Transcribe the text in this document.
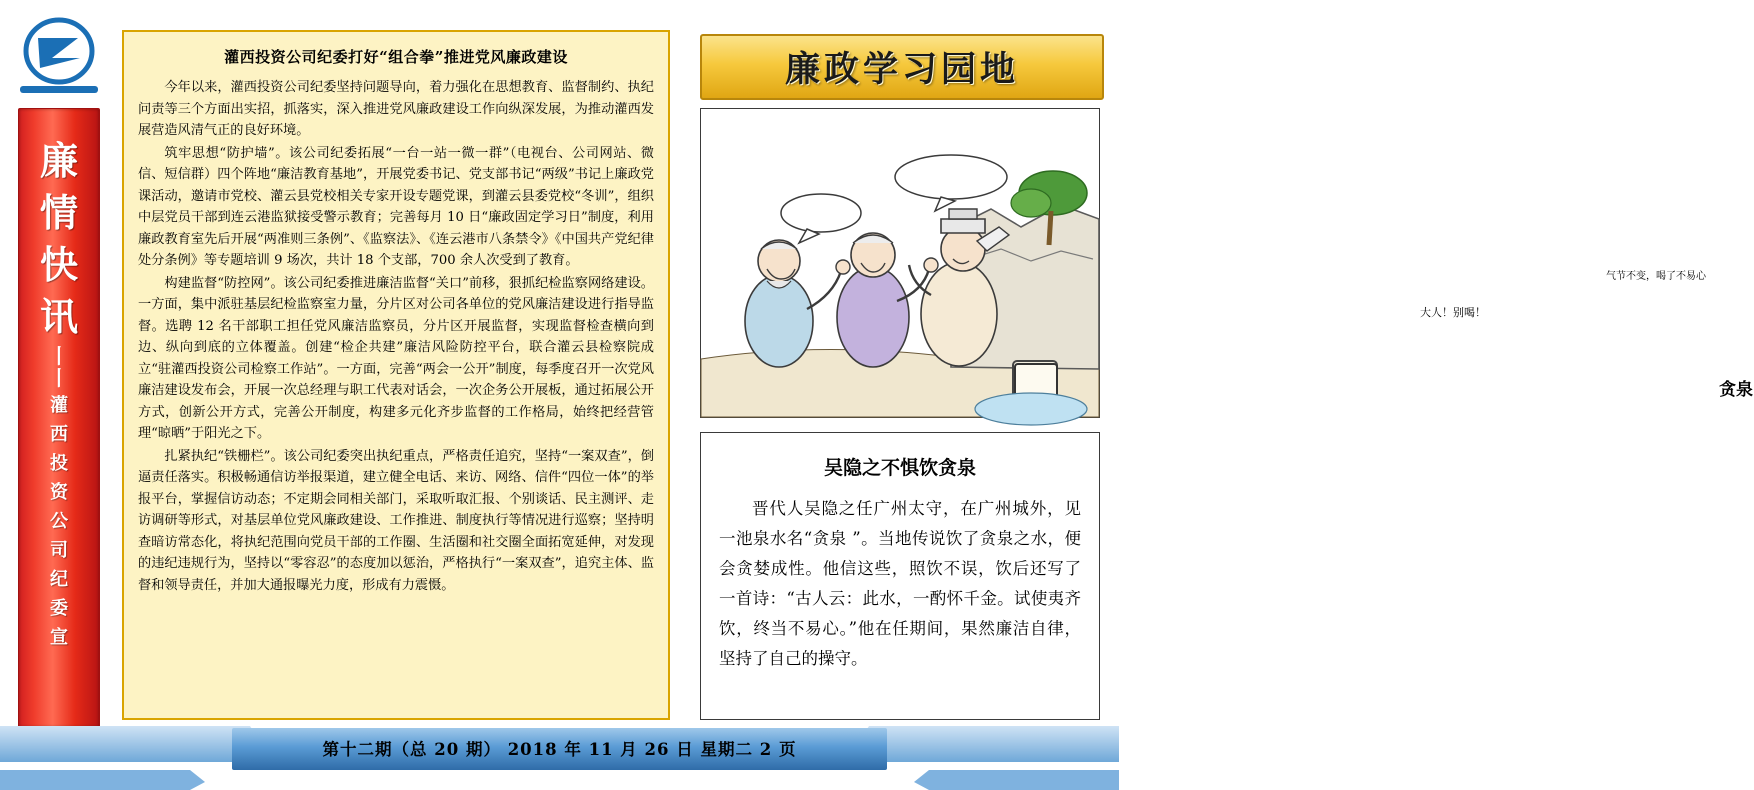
廉
情
快
讯
丨
丨
灌
西
投
资
公
司
纪
委
宣
灌西投资公司纪委打好“组合拳”推进党风廉政建设

今年以来，灌西投资公司纪委坚持问题导向，着力强化在思想教育、监督制约、执纪问责等三个方面出实招，抓落实，深入推进党风廉政建设工作向纵深发展，为推动灌西发展营造风清气正的良好环境。

筑牢思想“防护墙”。该公司纪委拓展“一台一站一微一群”（电视台、公司网站、微信、短信群）四个阵地“廉洁教育基地”，开展党委书记、党支部书记“两级”书记上廉政党课活动，邀请市党校、灌云县党校相关专家开设专题党课，到灌云县委党校“冬训”，组织中层党员干部到连云港监狱接受警示教育；完善每月 10 日“廉政固定学习日”制度，利用廉政教育室先后开展“两准则三条例”、《监察法》、《连云港市八条禁令》《中国共产党纪律处分条例》等专题培训 9 场次，共计 18 个支部，700 余人次受到了教育。

构建监督“防控网”。该公司纪委推进廉洁监督“关口”前移，狠抓纪检监察网络建设。一方面，集中派驻基层纪检监察室力量，分片区对公司各单位的党风廉洁建设进行指导监督。选聘 12 名干部职工担任党风廉洁监察员，分片区开展监督，实现监督检查横向到边、纵向到底的立体覆盖。创建“检企共建”廉洁风险防控平台，联合灌云县检察院成立“驻灌西投资公司检察工作站”。一方面，完善“两会一公开”制度，每季度召开一次党风廉洁建设发布会，开展一次总经理与职工代表对话会，一次企务公开展板，通过拓展公开方式，创新公开方式，完善公开制度，构建多元化齐步监督的工作格局，始终把经营管理“晾晒”于阳光之下。

扎紧执纪“铁栅栏”。该公司纪委突出执纪重点，严格责任追究，坚持“一案双查”，倒逼责任落实。积极畅通信访举报渠道，建立健全电话、来访、网络、信件“四位一体”的举报平台，掌握信访动态；不定期会同相关部门，采取听取汇报、个别谈话、民主测评、走访调研等形式，对基层单位党风廉政建设、工作推进、制度执行等情况进行巡察；坚持明查暗访常态化，将执纪范围向党员干部的工作圈、生活圈和社交圈全面拓宽延伸，对发现的违纪违规行为，坚持以“零容忍”的态度加以惩治，严格执行“一案双查”，追究主体、监督和领导责任，并加大通报曝光力度，形成有力震慑。

廉政学习园地
大人！别喝！
气节不变，喝了不易心
贪泉
吴隐之不惧饮贪泉

晋代人吴隐之任广州太守，在广州城外，见一池泉水名“贪泉 ”。当地传说饮了贪泉之水，便会贪婪成性。他信这些，照饮不误，饮后还写了一首诗：“古人云：此水，一酌怀千金。试使夷齐饮，终当不易心。”他在任期间，果然廉洁自律，坚持了自己的操守。

第十二期（总 20 期） 2018 年 11 月 26 日 星期二 2 页
